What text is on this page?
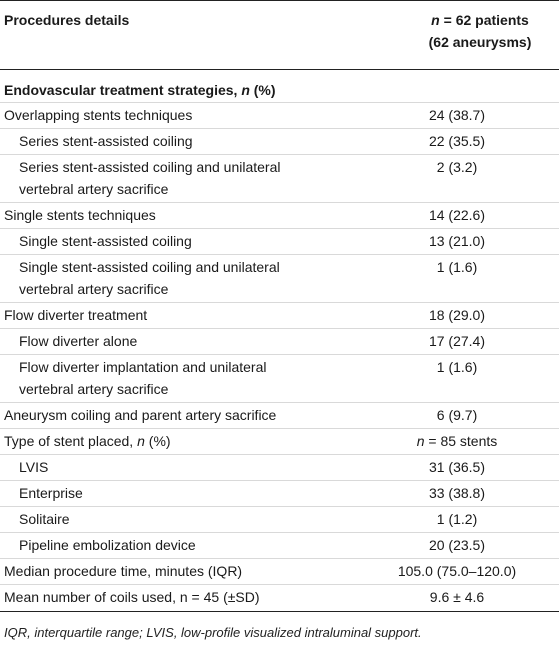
Procedures details	n = 62 patients
(62 aneurysms)
Endovascular treatment strategies, n (%)
Overlapping stents techniques	24 (38.7)
Series stent-assisted coiling	22 (35.5)
Series stent-assisted coiling and unilateral
vertebral artery sacrifice
2 (3.2)
Single stents techniques	14 (22.6)
Single stent-assisted coiling	13 (21.0)
Single stent-assisted coiling and unilateral
vertebral artery sacrifice
1 (1.6)
Flow diverter treatment	18 (29.0)
Flow diverter alone	17 (27.4)
Flow diverter implantation and unilateral
vertebral artery sacrifice
1 (1.6)
Aneurysm coiling and parent artery sacrifice	6 (9.7)
Type of stent placed, n (%)	n = 85 stents
LVIS	31 (36.5)
Enterprise	33 (38.8)
Solitaire	1 (1.2)
Pipeline embolization device	20 (23.5)
Median procedure time, minutes (IQR)	105.0 (75.0–120.0)
Mean number of coils used, n = 45 (±SD)	9.6 ± 4.6
IQR, interquartile range; LVIS, low-profile visualized intraluminal support.
